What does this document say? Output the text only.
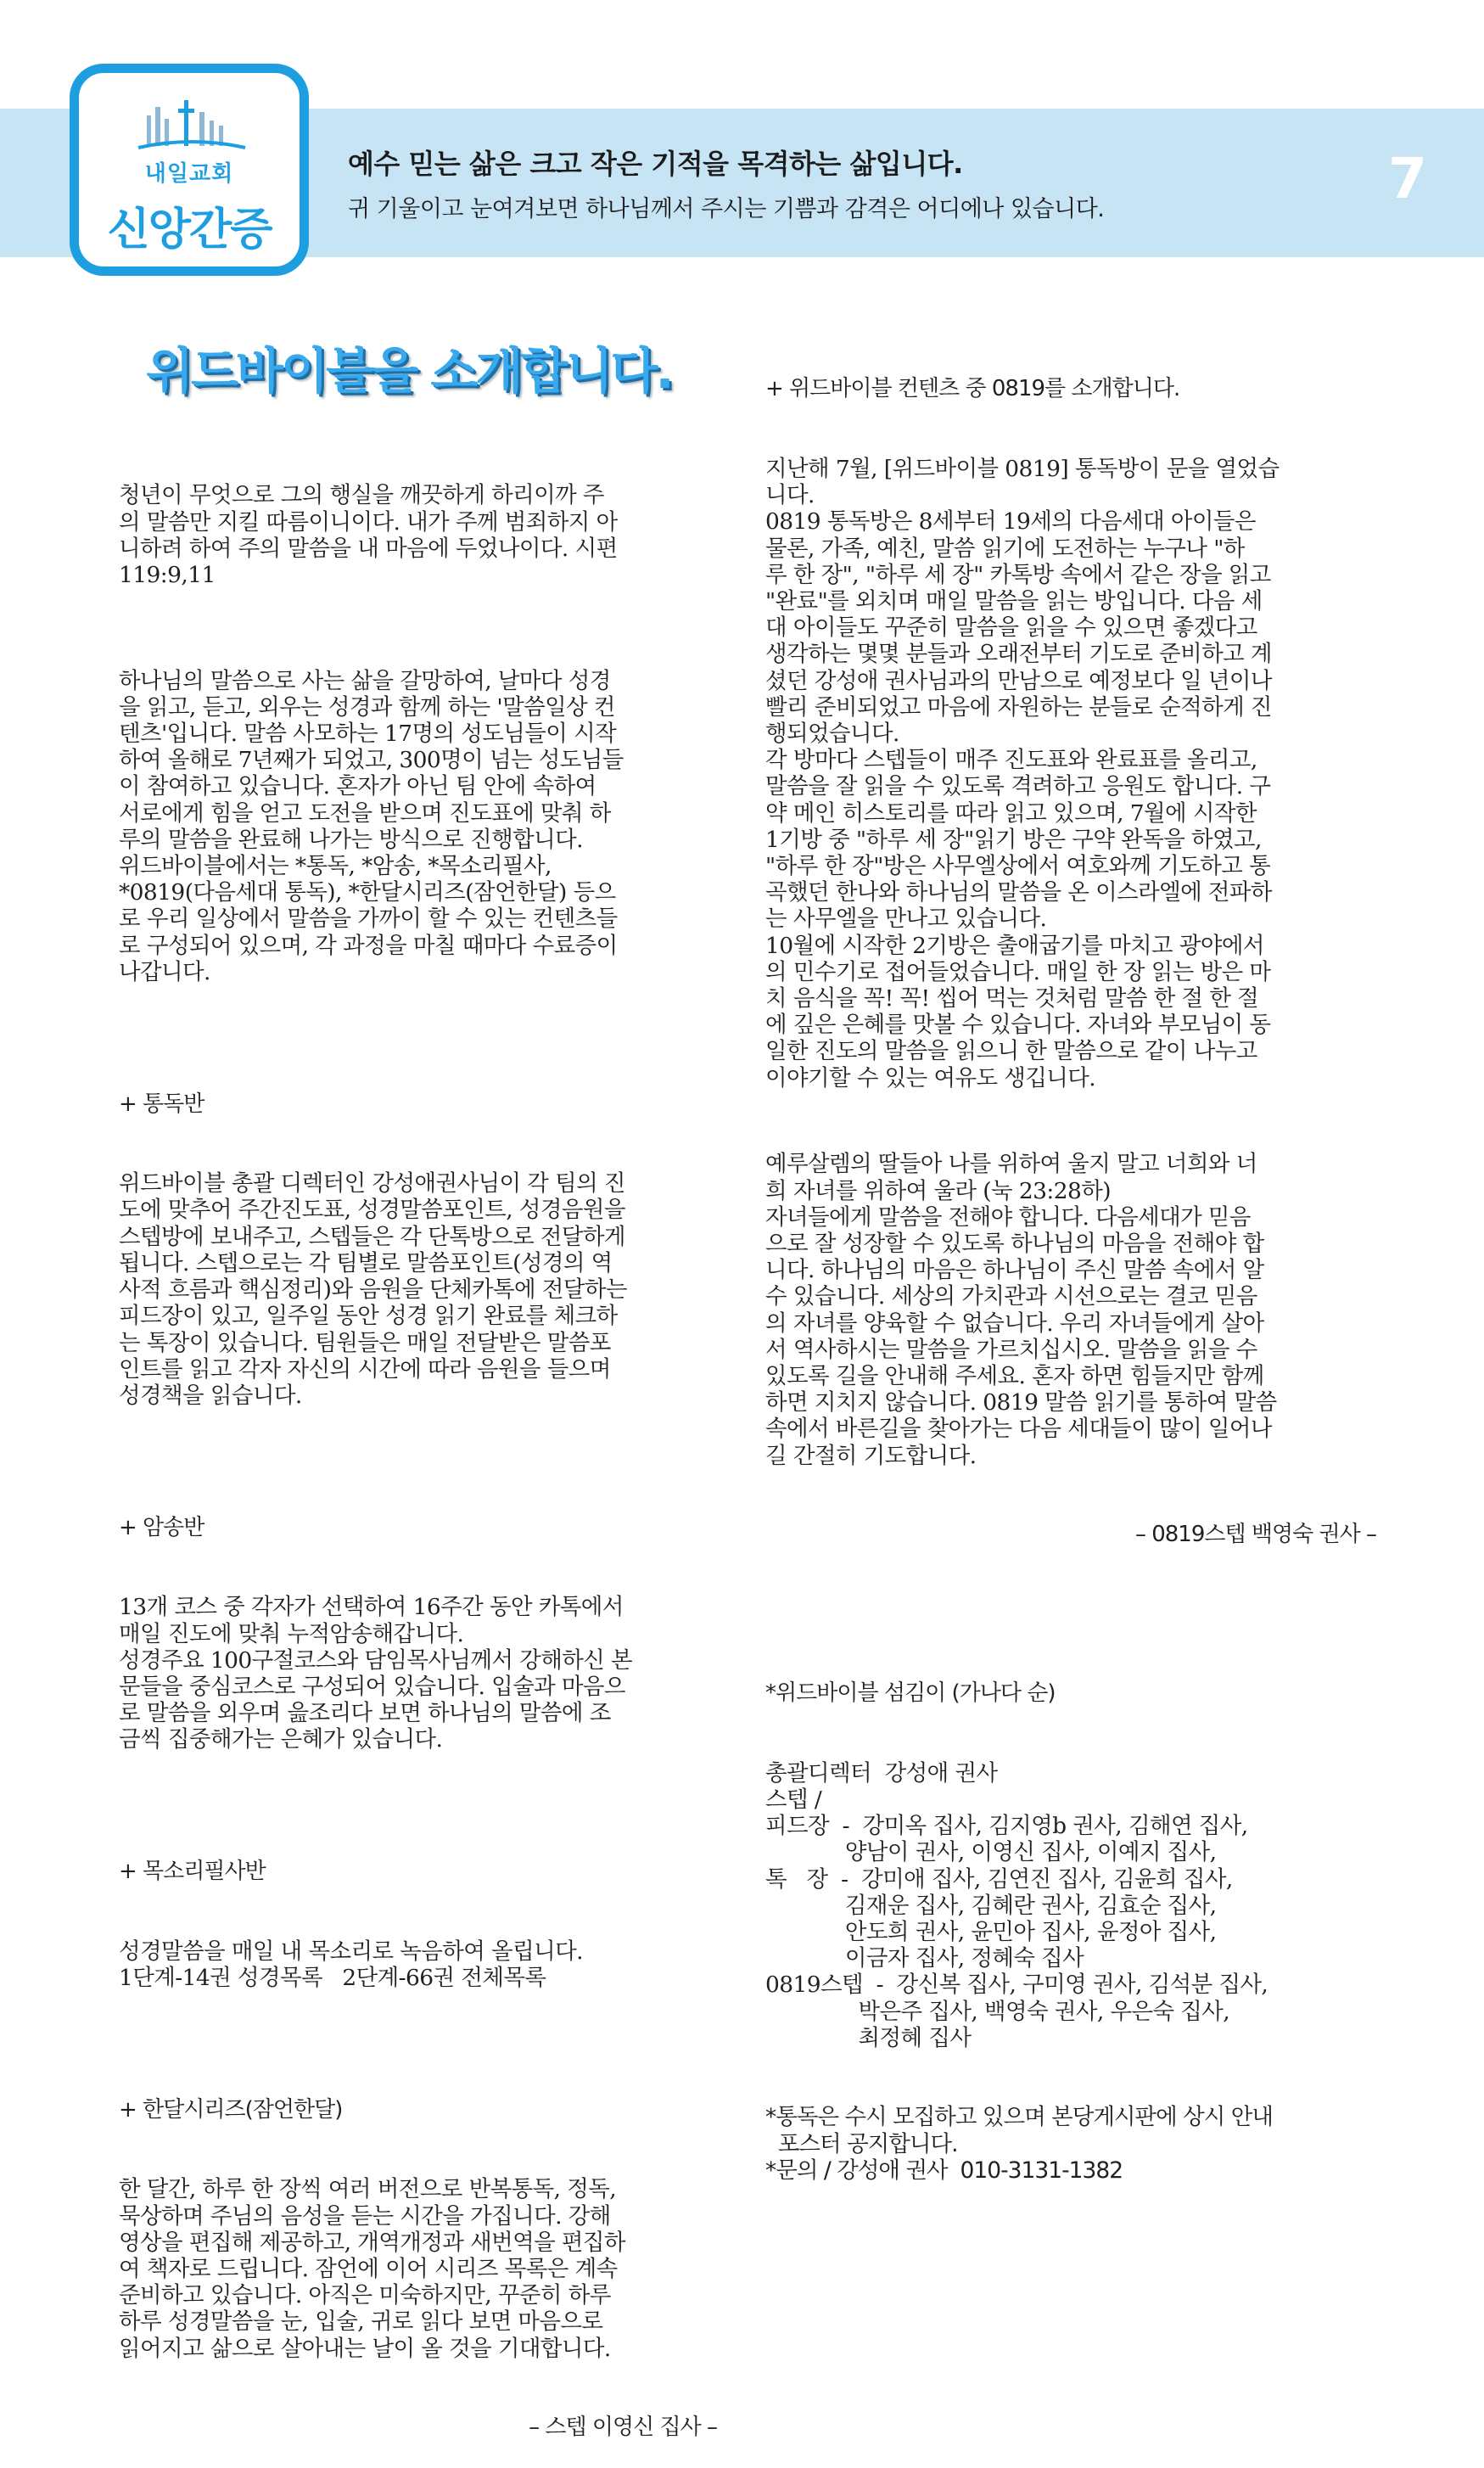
내일교회
신앙간증
예수 믿는 삶은 크고 작은 기적을 목격하는 삶입니다.
귀 기울이고 눈여겨보면 하나님께서 주시는 기쁨과 감격은 어디에나 있습니다.	7
위드바이블을 소개합니다.

청년이 무엇으로 그의 행실을 깨끗하게 하리이까 주
의 말씀만 지킬 따름이니이다. 내가 주께 범죄하지 아
니하려 하여 주의 말씀을 내 마음에 두었나이다. 시편
119:9,11

하나님의 말씀으로 사는 삶을 갈망하여, 날마다 성경
을 읽고, 듣고, 외우는 성경과 함께 하는 '말씀일상 컨
텐츠'입니다. 말씀 사모하는 17명의 성도님들이 시작
하여 올해로 7년째가 되었고, 300명이 넘는 성도님들
이 참여하고 있습니다. 혼자가 아닌 팀 안에 속하여
서로에게 힘을 얻고 도전을 받으며 진도표에 맞춰 하
루의 말씀을 완료해 나가는 방식으로 진행합니다.
위드바이블에서는 *통독, *암송, *목소리필사,
*0819(다음세대 통독), *한달시리즈(잠언한달) 등으
로 우리 일상에서 말씀을 가까이 할 수 있는 컨텐츠들
로 구성되어 있으며, 각 과정을 마칠 때마다 수료증이
나갑니다.

+ 통독반

위드바이블 총괄 디렉터인 강성애권사님이 각 팀의 진
도에 맞추어 주간진도표, 성경말씀포인트, 성경음원을
스텝방에 보내주고, 스텝들은 각 단톡방으로 전달하게
됩니다. 스텝으로는 각 팀별로 말씀포인트(성경의 역
사적 흐름과 핵심정리)와 음원을 단체카톡에 전달하는
피드장이 있고, 일주일 동안 성경 읽기 완료를 체크하
는 톡장이 있습니다. 팀원들은 매일 전달받은 말씀포
인트를 읽고 각자 자신의 시간에 따라 음원을 들으며
성경책을 읽습니다.

+ 암송반

13개 코스 중 각자가 선택하여 16주간 동안 카톡에서
매일 진도에 맞춰 누적암송해갑니다.
성경주요 100구절코스와 담임목사님께서 강해하신 본
문들을 중심코스로 구성되어 있습니다. 입술과 마음으
로 말씀을 외우며 읊조리다 보면 하나님의 말씀에 조
금씩 집중해가는 은혜가 있습니다.

+ 목소리필사반

성경말씀을 매일 내 목소리로 녹음하여 올립니다.
1단계-14권 성경목록   2단계-66권 전체목록

+ 한달시리즈(잠언한달)

한 달간, 하루 한 장씩 여러 버전으로 반복통독, 정독,
묵상하며 주님의 음성을 듣는 시간을 가집니다. 강해
영상을 편집해 제공하고, 개역개정과 새번역을 편집하
여 책자로 드립니다. 잠언에 이어 시리즈 목록은 계속
준비하고 있습니다. 아직은 미숙하지만, 꾸준히 하루
하루 성경말씀을 눈, 입술, 귀로 읽다 보면 마음으로
읽어지고 삶으로 살아내는 날이 올 것을 기대합니다.

– 스텝 이영신 집사 –

+ 위드바이블 컨텐츠 중 0819를 소개합니다.

지난해 7월, [위드바이블 0819] 통독방이 문을 열었습
니다.
0819 통독방은 8세부터 19세의 다음세대 아이들은
물론, 가족, 예친, 말씀 읽기에 도전하는 누구나 "하
루 한 장", "하루 세 장" 카톡방 속에서 같은 장을 읽고
"완료"를 외치며 매일 말씀을 읽는 방입니다. 다음 세
대 아이들도 꾸준히 말씀을 읽을 수 있으면 좋겠다고
생각하는 몇몇 분들과 오래전부터 기도로 준비하고 계
셨던 강성애 권사님과의 만남으로 예정보다 일 년이나
빨리 준비되었고 마음에 자원하는 분들로 순적하게 진
행되었습니다.
각 방마다 스텝들이 매주 진도표와 완료표를 올리고,
말씀을 잘 읽을 수 있도록 격려하고 응원도 합니다. 구
약 메인 히스토리를 따라 읽고 있으며, 7월에 시작한
1기방 중 "하루 세 장"읽기 방은 구약 완독을 하였고,
"하루 한 장"방은 사무엘상에서 여호와께 기도하고 통
곡했던 한나와 하나님의 말씀을 온 이스라엘에 전파하
는 사무엘을 만나고 있습니다.
10월에 시작한 2기방은 출애굽기를 마치고 광야에서
의 민수기로 접어들었습니다. 매일 한 장 읽는 방은 마
치 음식을 꼭! 꼭! 씹어 먹는 것처럼 말씀 한 절 한 절
에 깊은 은혜를 맛볼 수 있습니다. 자녀와 부모님이 동
일한 진도의 말씀을 읽으니 한 말씀으로 같이 나누고
이야기할 수 있는 여유도 생깁니다.

예루살렘의 딸들아 나를 위하여 울지 말고 너희와 너
희 자녀를 위하여 울라 (눅 23:28하)
자녀들에게 말씀을 전해야 합니다. 다음세대가 믿음
으로 잘 성장할 수 있도록 하나님의 마음을 전해야 합
니다. 하나님의 마음은 하나님이 주신 말씀 속에서 알
수 있습니다. 세상의 가치관과 시선으로는 결코 믿음
의 자녀를 양육할 수 없습니다. 우리 자녀들에게 살아
서 역사하시는 말씀을 가르치십시오. 말씀을 읽을 수
있도록 길을 안내해 주세요. 혼자 하면 힘들지만 함께
하면 지치지 않습니다. 0819 말씀 읽기를 통하여 말씀
속에서 바른길을 찾아가는 다음 세대들이 많이 일어나
길 간절히 기도합니다.

– 0819스텝 백영숙 권사 –

*위드바이블 섬김이 (가나다 순)

총괄디렉터  강성애 권사
스텝 /
피드장  -  강미옥 집사, 김지영b 권사, 김해연 집사,
양남이 권사, 이영신 집사, 이예지 집사,
톡   장  -  강미애 집사, 김연진 집사, 김윤희 집사,
김재운 집사, 김혜란 권사, 김효순 집사,
안도희 권사, 윤민아 집사, 윤정아 집사,
이금자 집사, 정혜숙 집사
0819스텝  -  강신복 집사, 구미영 권사, 김석분 집사,
박은주 집사, 백영숙 권사, 우은숙 집사,
최정혜 집사

*통독은 수시 모집하고 있으며 본당게시판에 상시 안내
포스터 공지합니다.
*문의 / 강성애 권사  010-3131-1382
